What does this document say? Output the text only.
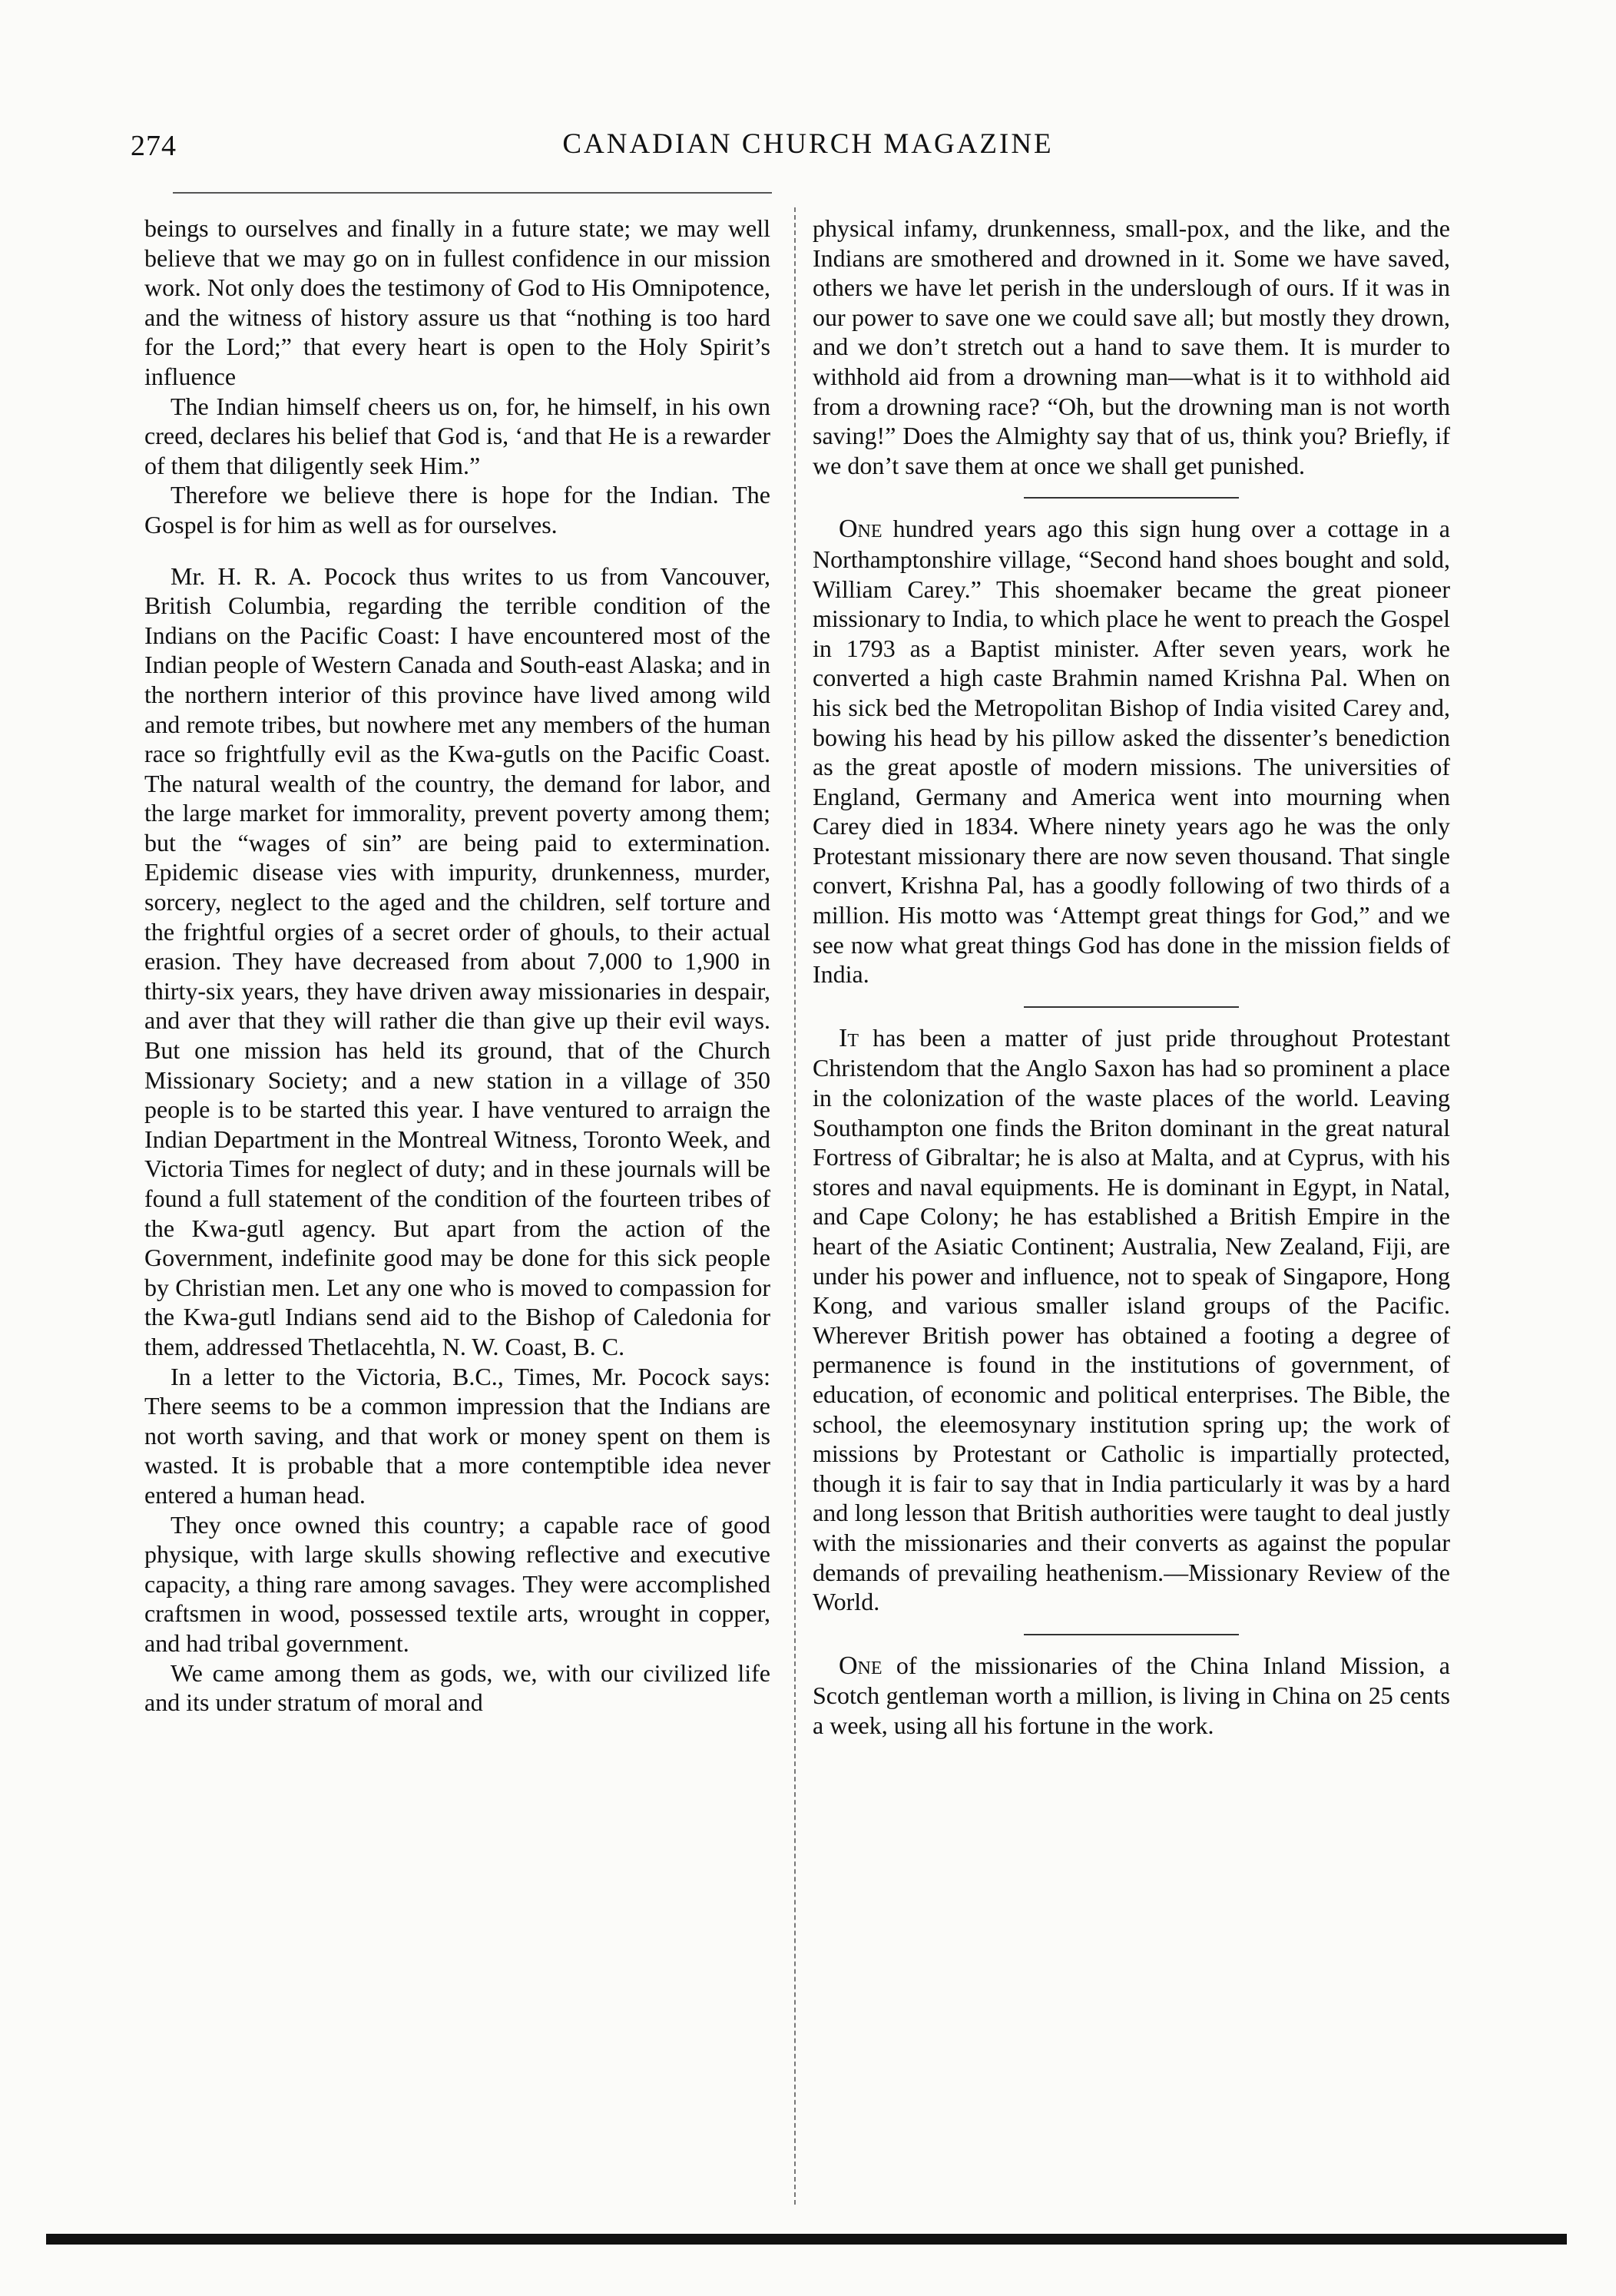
274	CANADIAN CHURCH MAGAZINE

beings to ourselves and finally in a future state; we may well believe that we may go on in fullest confidence in our mission work. Not only does the testimony of God to His Omnipotence, and the witness of history assure us that “nothing is too hard for the Lord;” that every heart is open to the Holy Spirit’s influence

The Indian himself cheers us on, for, he himself, in his own creed, declares his belief that God is, ‘and that He is a rewarder of them that diligently seek Him.”

Therefore we believe there is hope for the Indian. The Gospel is for him as well as for ourselves.

Mr. H. R. A. Pocock thus writes to us from Vancouver, British Columbia, regarding the terrible condition of the Indians on the Pacific Coast: I have encountered most of the Indian people of Western Canada and South-east Alaska; and in the northern interior of this province have lived among wild and remote tribes, but nowhere met any members of the human race so frightfully evil as the Kwa-gutls on the Pacific Coast. The natural wealth of the country, the demand for labor, and the large market for immorality, prevent poverty among them; but the “wages of sin” are being paid to extermination. Epidemic disease vies with impurity, drunkenness, murder, sorcery, neglect to the aged and the children, self torture and the frightful orgies of a secret order of ghouls, to their actual erasion. They have decreased from about 7,000 to 1,900 in thirty-six years, they have driven away missionaries in despair, and aver that they will rather die than give up their evil ways. But one mission has held its ground, that of the Church Missionary Society; and a new station in a village of 350 people is to be started this year. I have ventured to arraign the Indian Department in the Montreal Witness, Toronto Week, and Victoria Times for neglect of duty; and in these journals will be found a full statement of the condition of the fourteen tribes of the Kwa-gutl agency. But apart from the action of the Government, indefinite good may be done for this sick people by Christian men. Let any one who is moved to compassion for the Kwa-gutl Indians send aid to the Bishop of Caledonia for them, addressed Thetlacehtla, N. W. Coast, B. C.

In a letter to the Victoria, B.C., Times, Mr. Pocock says: There seems to be a common impression that the Indians are not worth saving, and that work or money spent on them is wasted. It is probable that a more contemptible idea never entered a human head.

They once owned this country; a capable race of good physique, with large skulls showing reflective and executive capacity, a thing rare among savages. They were accomplished craftsmen in wood, possessed textile arts, wrought in copper, and had tribal government.

We came among them as gods, we, with our civilized life and its under stratum of moral and

physical infamy, drunkenness, small-pox, and the like, and the Indians are smothered and drowned in it. Some we have saved, others we have let perish in the underslough of ours. If it was in our power to save one we could save all; but mostly they drown, and we don’t stretch out a hand to save them. It is murder to withhold aid from a drowning man—what is it to withhold aid from a drowning race? “Oh, but the drowning man is not worth saving!” Does the Almighty say that of us, think you? Briefly, if we don’t save them at once we shall get punished.

One hundred years ago this sign hung over a cottage in a Northamptonshire village, “Second hand shoes bought and sold, William Carey.” This shoemaker became the great pioneer missionary to India, to which place he went to preach the Gospel in 1793 as a Baptist minister. After seven years, work he converted a high caste Brahmin named Krishna Pal. When on his sick bed the Metropolitan Bishop of India visited Carey and, bowing his head by his pillow asked the dissenter’s benediction as the great apostle of modern missions. The universities of England, Germany and America went into mourning when Carey died in 1834. Where ninety years ago he was the only Protestant missionary there are now seven thousand. That single convert, Krishna Pal, has a goodly following of two thirds of a million. His motto was ‘Attempt great things for God,” and we see now what great things God has done in the mission fields of India.

It has been a matter of just pride throughout Protestant Christendom that the Anglo Saxon has had so prominent a place in the colonization of the waste places of the world. Leaving Southampton one finds the Briton dominant in the great natural Fortress of Gibraltar; he is also at Malta, and at Cyprus, with his stores and naval equipments. He is dominant in Egypt, in Natal, and Cape Colony; he has established a British Empire in the heart of the Asiatic Continent; Australia, New Zealand, Fiji, are under his power and influence, not to speak of Singapore, Hong Kong, and various smaller island groups of the Pacific. Wherever British power has obtained a footing a degree of permanence is found in the institutions of government, of education, of economic and political enterprises. The Bible, the school, the eleemosynary institution spring up; the work of missions by Protestant or Catholic is impartially protected, though it is fair to say that in India particularly it was by a hard and long lesson that British authorities were taught to deal justly with the missionaries and their converts as against the popular demands of prevailing heathenism.—Missionary Review of the World.

One of the missionaries of the China Inland Mission, a Scotch gentleman worth a million, is living in China on 25 cents a week, using all his fortune in the work.
